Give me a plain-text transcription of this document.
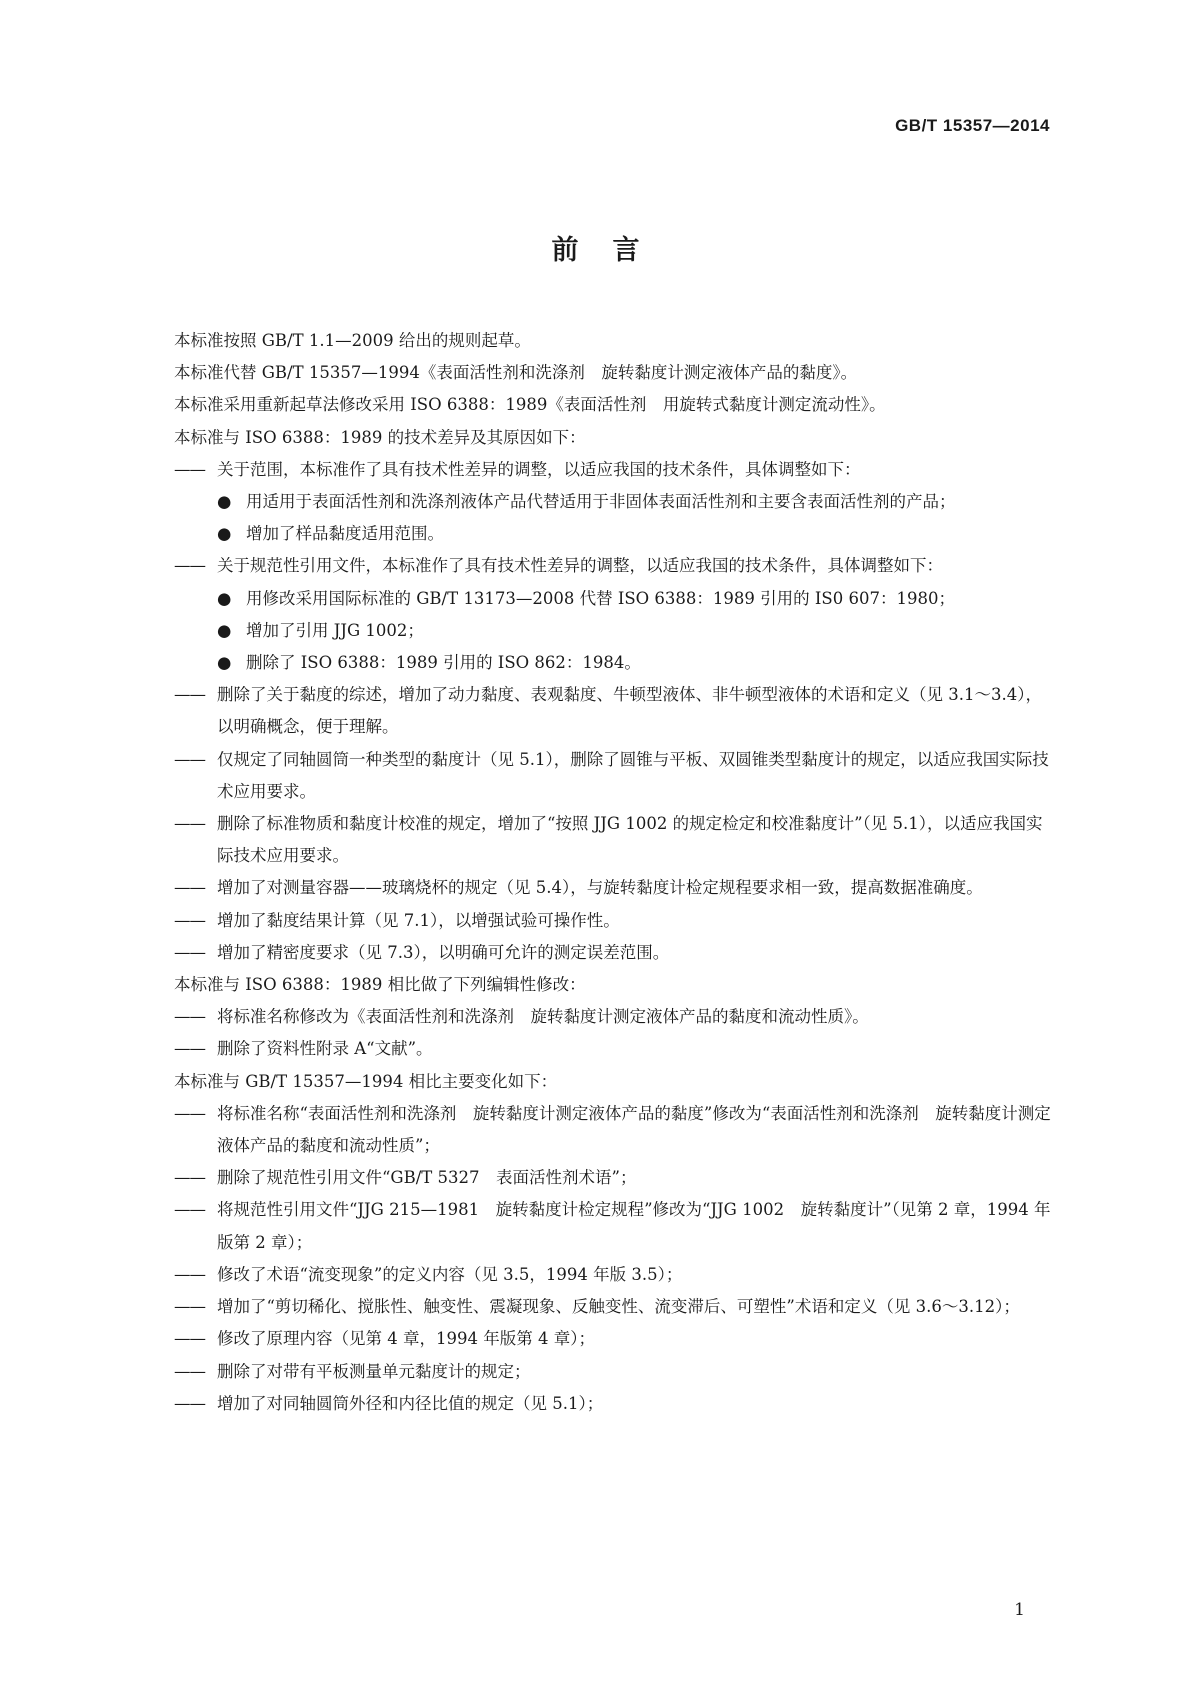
GB/T 15357—2014
前言
本标准按照 GB/T 1.1—2009 给出的规则起草。
本标准代替 GB/T 15357—1994《表面活性剂和洗涤剂　旋转黏度计测定液体产品的黏度》。
本标准采用重新起草法修改采用 ISO 6388：1989《表面活性剂　用旋转式黏度计测定流动性》。
本标准与 ISO 6388：1989 的技术差异及其原因如下：
—— 关于范围，本标准作了具有技术性差异的调整，以适应我国的技术条件，具体调整如下：
● 用适用于表面活性剂和洗涤剂液体产品代替适用于非固体表面活性剂和主要含表面活性剂的产品；
● 增加了样品黏度适用范围。
—— 关于规范性引用文件，本标准作了具有技术性差异的调整，以适应我国的技术条件，具体调整如下：
● 用修改采用国际标准的 GB/T 13173—2008 代替 ISO 6388：1989 引用的 IS0 607：1980；
● 增加了引用 JJG 1002；
● 删除了 ISO 6388：1989 引用的 ISO 862：1984。
—— 删除了关于黏度的综述，增加了动力黏度、表观黏度、牛顿型液体、非牛顿型液体的术语和定义（见 3.1～3.4），以明确概念，便于理解。
—— 仅规定了同轴圆筒一种类型的黏度计（见 5.1），删除了圆锥与平板、双圆锥类型黏度计的规定，以适应我国实际技术应用要求。
—— 删除了标准物质和黏度计校准的规定，增加了“按照 JJG 1002 的规定检定和校准黏度计”（见 5.1），以适应我国实际技术应用要求。
—— 增加了对测量容器——玻璃烧杯的规定（见 5.4），与旋转黏度计检定规程要求相一致，提高数据准确度。
—— 增加了黏度结果计算（见 7.1），以增强试验可操作性。
—— 增加了精密度要求（见 7.3），以明确可允许的测定误差范围。
本标准与 ISO 6388：1989 相比做了下列编辑性修改：
—— 将标准名称修改为《表面活性剂和洗涤剂　旋转黏度计测定液体产品的黏度和流动性质》。
—— 删除了资料性附录 A“文献”。
本标准与 GB/T 15357—1994 相比主要变化如下：
—— 将标准名称“表面活性剂和洗涤剂　旋转黏度计测定液体产品的黏度”修改为“表面活性剂和洗涤剂　旋转黏度计测定液体产品的黏度和流动性质”；
—— 删除了规范性引用文件“GB/T 5327　表面活性剂术语”；
—— 将规范性引用文件“JJG 215—1981　旋转黏度计检定规程”修改为“JJG 1002　旋转黏度计”（见第 2 章，1994 年版第 2 章）；
—— 修改了术语“流变现象”的定义内容（见 3.5，1994 年版 3.5）；
—— 增加了“剪切稀化、搅胀性、触变性、震凝现象、反触变性、流变滞后、可塑性”术语和定义（见 3.6～3.12）；
—— 修改了原理内容（见第 4 章，1994 年版第 4 章）；
—— 删除了对带有平板测量单元黏度计的规定；
—— 增加了对同轴圆筒外径和内径比值的规定（见 5.1）；
1
